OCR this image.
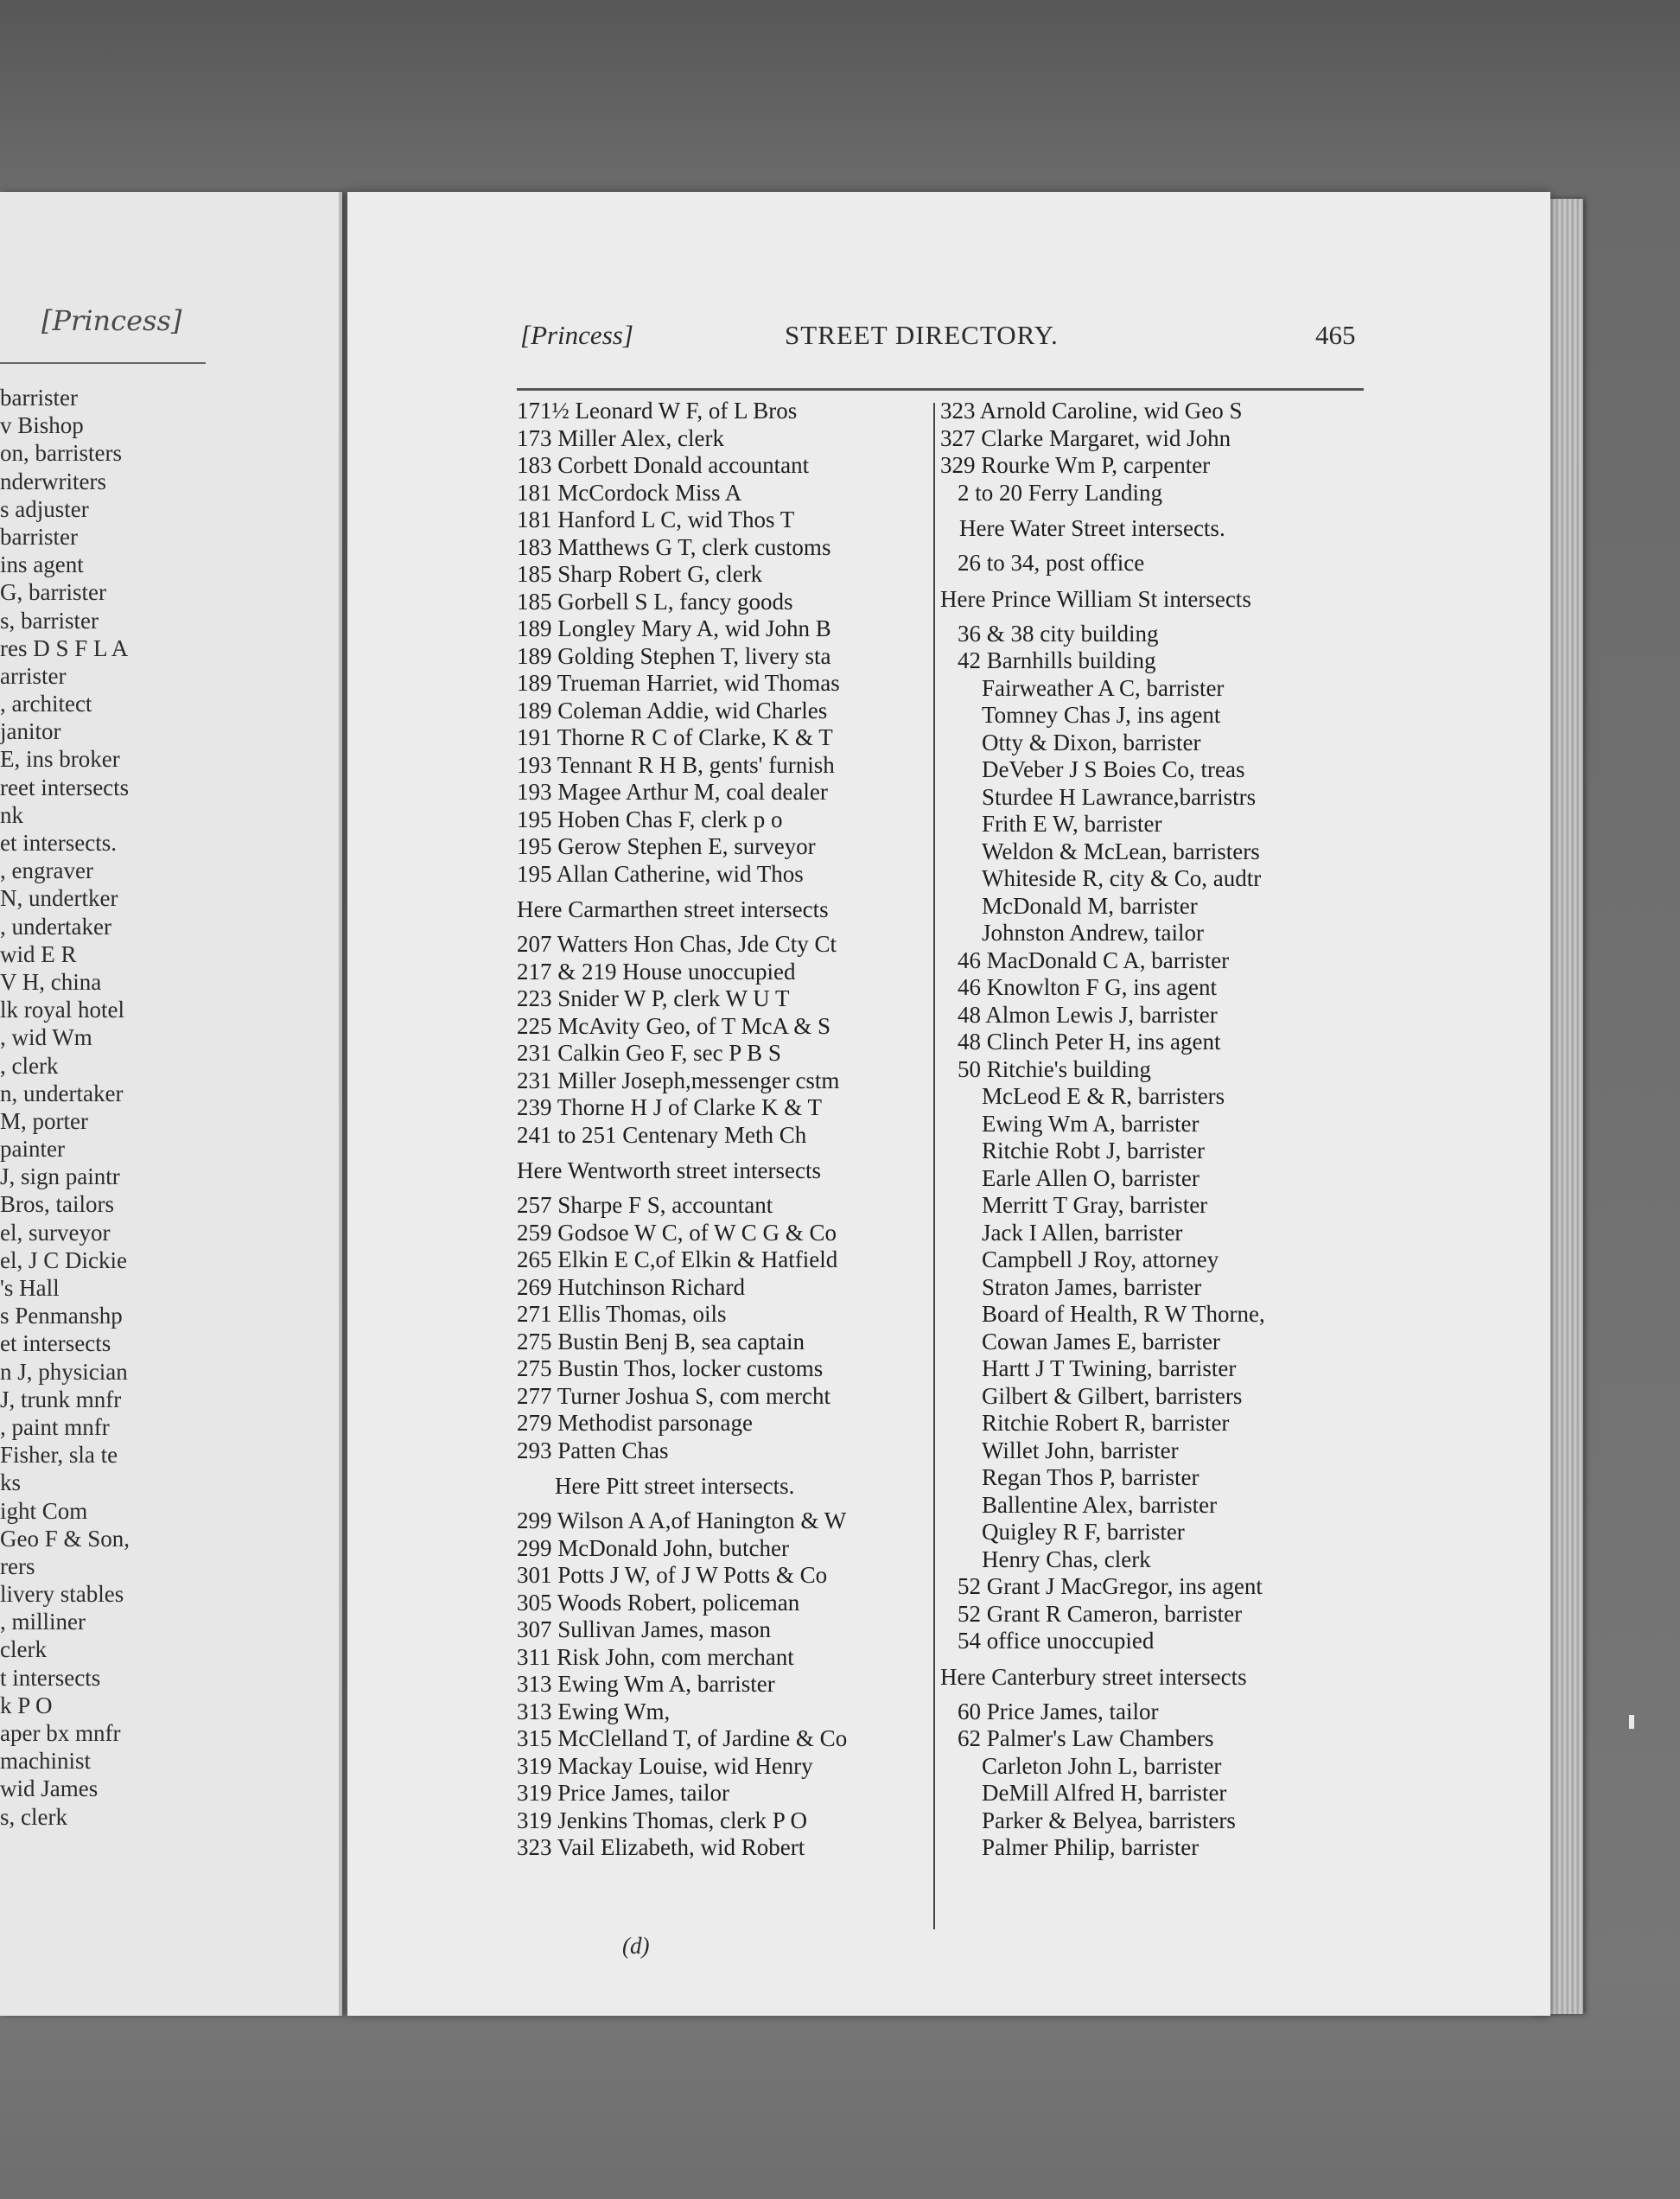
[Princess]
barrister
v Bishop
on, barristers
nderwriters
s adjuster
barrister
ins agent
G, barrister
s, barrister
res D S F L A
arrister
, architect
janitor
E, ins broker
reet intersects
nk
et intersects.
, engraver
N, undertker
, undertaker
wid E R
V H, china
lk royal hotel
, wid Wm
, clerk
n, undertaker
M, porter
painter
J, sign paintr
Bros, tailors
el, surveyor
el, J C Dickie
's Hall
s Penmanshp
et intersects
n J, physician
J, trunk mnfr
, paint mnfr
Fisher, sla te
ks
ight Com
Geo F & Son,
rers
livery stables
, milliner
clerk
t intersects
k P O
aper bx mnfr
machinist
wid James
s, clerk
[Princess]	STREET DIRECTORY.	465
171½ Leonard W F, of L Bros
173 Miller Alex, clerk
183 Corbett Donald accountant
181 McCordock Miss A
181 Hanford L C, wid Thos T
183 Matthews G T, clerk customs
185 Sharp Robert G, clerk
185 Gorbell S L, fancy goods
189 Longley Mary A, wid John B
189 Golding Stephen T, livery sta
189 Trueman Harriet, wid Thomas
189 Coleman Addie, wid Charles
191 Thorne R C of Clarke, K & T
193 Tennant R H B, gents' furnish
193 Magee Arthur M, coal dealer
195 Hoben Chas F, clerk p o
195 Gerow Stephen E, surveyor
195 Allan Catherine, wid Thos
Here Carmarthen street intersects
207 Watters Hon Chas, Jde Cty Ct
217 & 219 House unoccupied
223 Snider W P, clerk W U T
225 McAvity Geo, of T McA & S
231 Calkin Geo F, sec P B S
231 Miller Joseph,messenger cstm
239 Thorne H J of Clarke K & T
241 to 251 Centenary Meth Ch
Here Wentworth street intersects
257 Sharpe F S, accountant
259 Godsoe W C, of W C G & Co
265 Elkin E C,of Elkin & Hatfield
269 Hutchinson Richard
271 Ellis Thomas, oils
275 Bustin Benj B, sea captain
275 Bustin Thos, locker customs
277 Turner Joshua S, com mercht
279 Methodist parsonage
293 Patten Chas
Here Pitt street intersects.
299 Wilson A A,of Hanington & W
299 McDonald John, butcher
301 Potts J W, of J W Potts & Co
305 Woods Robert, policeman
307 Sullivan James, mason
311 Risk John, com merchant
313 Ewing Wm A, barrister
313 Ewing Wm,
315 McClelland T, of Jardine & Co
319 Mackay Louise, wid Henry
319 Price James, tailor
319 Jenkins Thomas, clerk P O
323 Vail Elizabeth, wid Robert
323 Arnold Caroline, wid Geo S
327 Clarke Margaret, wid John
329 Rourke Wm P, carpenter
2 to 20 Ferry Landing
Here Water Street intersects.
26 to 34, post office
Here Prince William St intersects
36 & 38 city building
42 Barnhills building
Fairweather A C, barrister
Tomney Chas J, ins agent
Otty & Dixon, barrister
DeVeber J S Boies Co, treas
Sturdee H Lawrance,barristrs
Frith E W, barrister
Weldon & McLean, barristers
Whiteside R, city & Co, audtr
McDonald M, barrister
Johnston Andrew, tailor
46 MacDonald C A, barrister
46 Knowlton F G, ins agent
48 Almon Lewis J, barrister
48 Clinch Peter H, ins agent
50 Ritchie's building
McLeod E & R, barristers
Ewing Wm A, barrister
Ritchie Robt J, barrister
Earle Allen O, barrister
Merritt T Gray, barrister
Jack I Allen, barrister
Campbell J Roy, attorney
Straton James, barrister
Board of Health, R W Thorne,
Cowan James E, barrister
Hartt J T Twining, barrister
Gilbert & Gilbert, barristers
Ritchie Robert R, barrister
Willet John, barrister
Regan Thos P, barrister
Ballentine Alex, barrister
Quigley R F, barrister
Henry Chas, clerk
52 Grant J MacGregor, ins agent
52 Grant R Cameron, barrister
54 office unoccupied
Here Canterbury street intersects
60 Price James, tailor
62 Palmer's Law Chambers
Carleton John L, barrister
DeMill Alfred H, barrister
Parker & Belyea, barristers
Palmer Philip, barrister
(d)
